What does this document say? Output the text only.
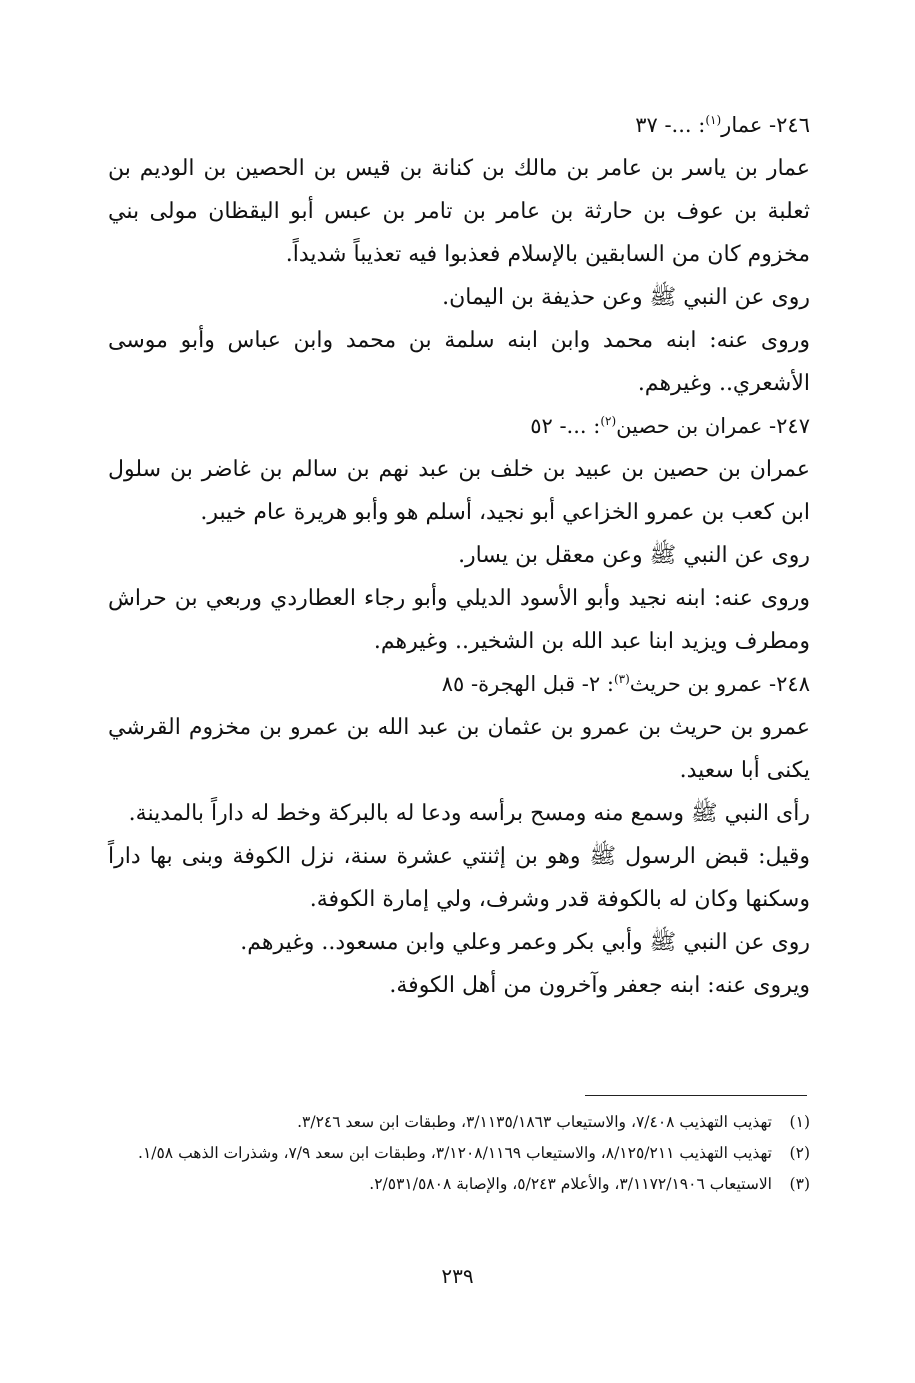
٢٤٦- عمار$^{(١)}$: ...- ٣٧

عمار بن ياسر بن عامر بن مالك بن كنانة بن قيس بن الحصين بن الوديم بن ثعلبة بن عوف بن حارثة بن عامر بن تامر بن عبس أبو اليقظان مولى بني مخزوم كان من السابقين بالإسلام فعذبوا فيه تعذيباً شديداً.

روى عن النبي ﷺ وعن حذيفة بن اليمان.

وروى عنه: ابنه محمد وابن ابنه سلمة بن محمد وابن عباس وأبو موسى الأشعري.. وغيرهم.

٢٤٧- عمران بن حصين$^{(٢)}$: ...- ٥٢

عمران بن حصين بن عبيد بن خلف بن عبد نهم بن سالم بن غاضر بن سلول ابن كعب بن عمرو الخزاعي أبو نجيد، أسلم هو وأبو هريرة عام خيبر.

روى عن النبي ﷺ وعن معقل بن يسار.

وروى عنه: ابنه نجيد وأبو الأسود الديلي وأبو رجاء العطاردي وربعي بن حراش ومطرف ويزيد ابنا عبد الله بن الشخير.. وغيرهم.

٢٤٨- عمرو بن حريث$^{(٣)}$: ٢- قبل الهجرة- ٨٥

عمرو بن حريث بن عمرو بن عثمان بن عبد الله بن عمرو بن مخزوم القرشي يكنى أبا سعيد.

رأى النبي ﷺ وسمع منه ومسح برأسه ودعا له بالبركة وخط له داراً بالمدينة.

وقيل: قبض الرسول ﷺ وهو بن إثنتي عشرة سنة، نزل الكوفة وبنى بها داراً وسكنها وكان له بالكوفة قدر وشرف، ولي إمارة الكوفة.

روى عن النبي ﷺ وأبي بكر وعمر وعلي وابن مسعود.. وغيرهم.

ويروى عنه: ابنه جعفر وآخرون من أهل الكوفة.

(١)
تهذيب التهذيب ٧/٤٠٨، والاستيعاب ٣/١١٣٥/١٨٦٣، وطبقات ابن سعد ٣/٢٤٦.

(٢)
تهذيب التهذيب ٨/١٢٥/٢١١، والاستيعاب ٣/١٢٠٨/١١٦٩، وطبقات ابن سعد ٧/٩، وشذرات الذهب ١/٥٨.

(٣)
الاستيعاب ٣/١١٧٢/١٩٠٦، والأعلام ٥/٢٤٣، والإصابة ٢/٥٣١/٥٨٠٨.

٢٣٩
